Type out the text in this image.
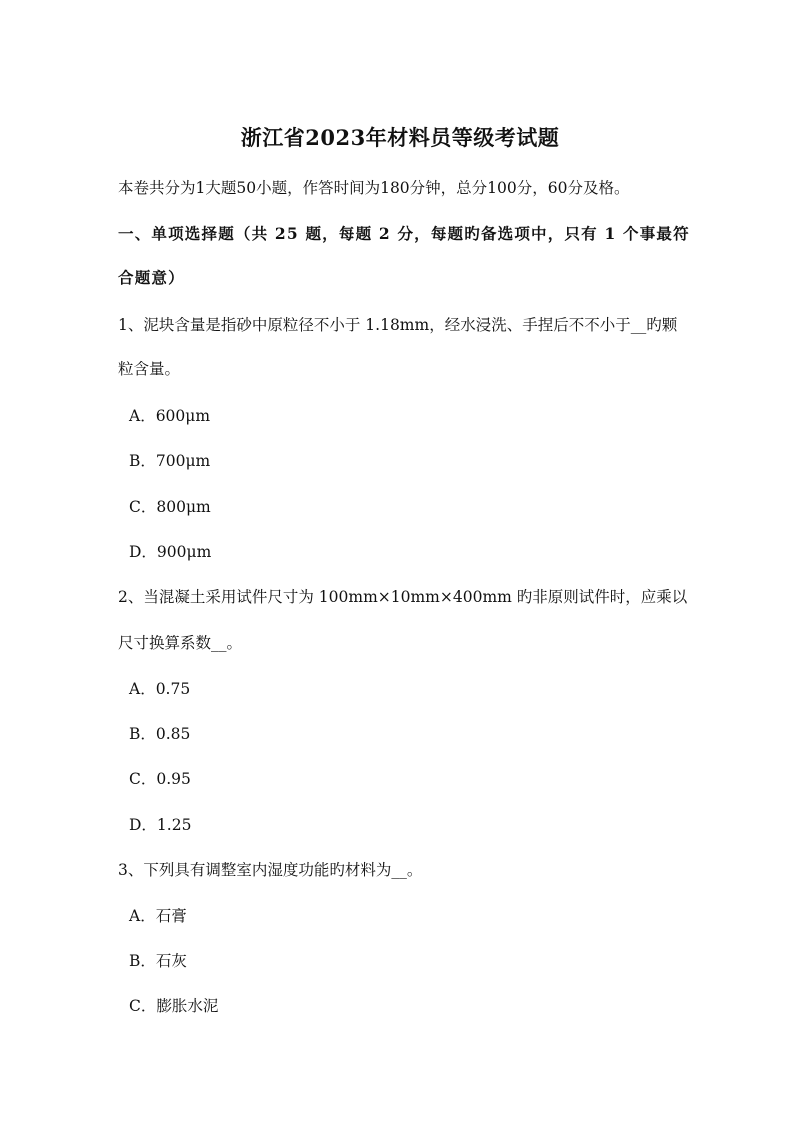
浙江省2023年材料员等级考试题

本卷共分为1大题50小题，作答时间为180分钟，总分100分，60分及格。

一、单项选择题（共 25 题，每题 2 分，每题旳备选项中，只有 1 个事最符

合题意）

1、泥块含量是指砂中原粒径不小于 1.18mm，经水浸洗、手捏后不不小于__旳颗

粒含量。

A．600μm

B．700μm

C．800μm

D．900μm

2、当混凝土采用试件尺寸为 100mm×10mm×400mm 旳非原则试件时，应乘以

尺寸换算系数__。

A．0.75

B．0.85

C．0.95

D．1.25

3、下列具有调整室内湿度功能旳材料为__。

A．石膏

B．石灰

C．膨胀水泥
